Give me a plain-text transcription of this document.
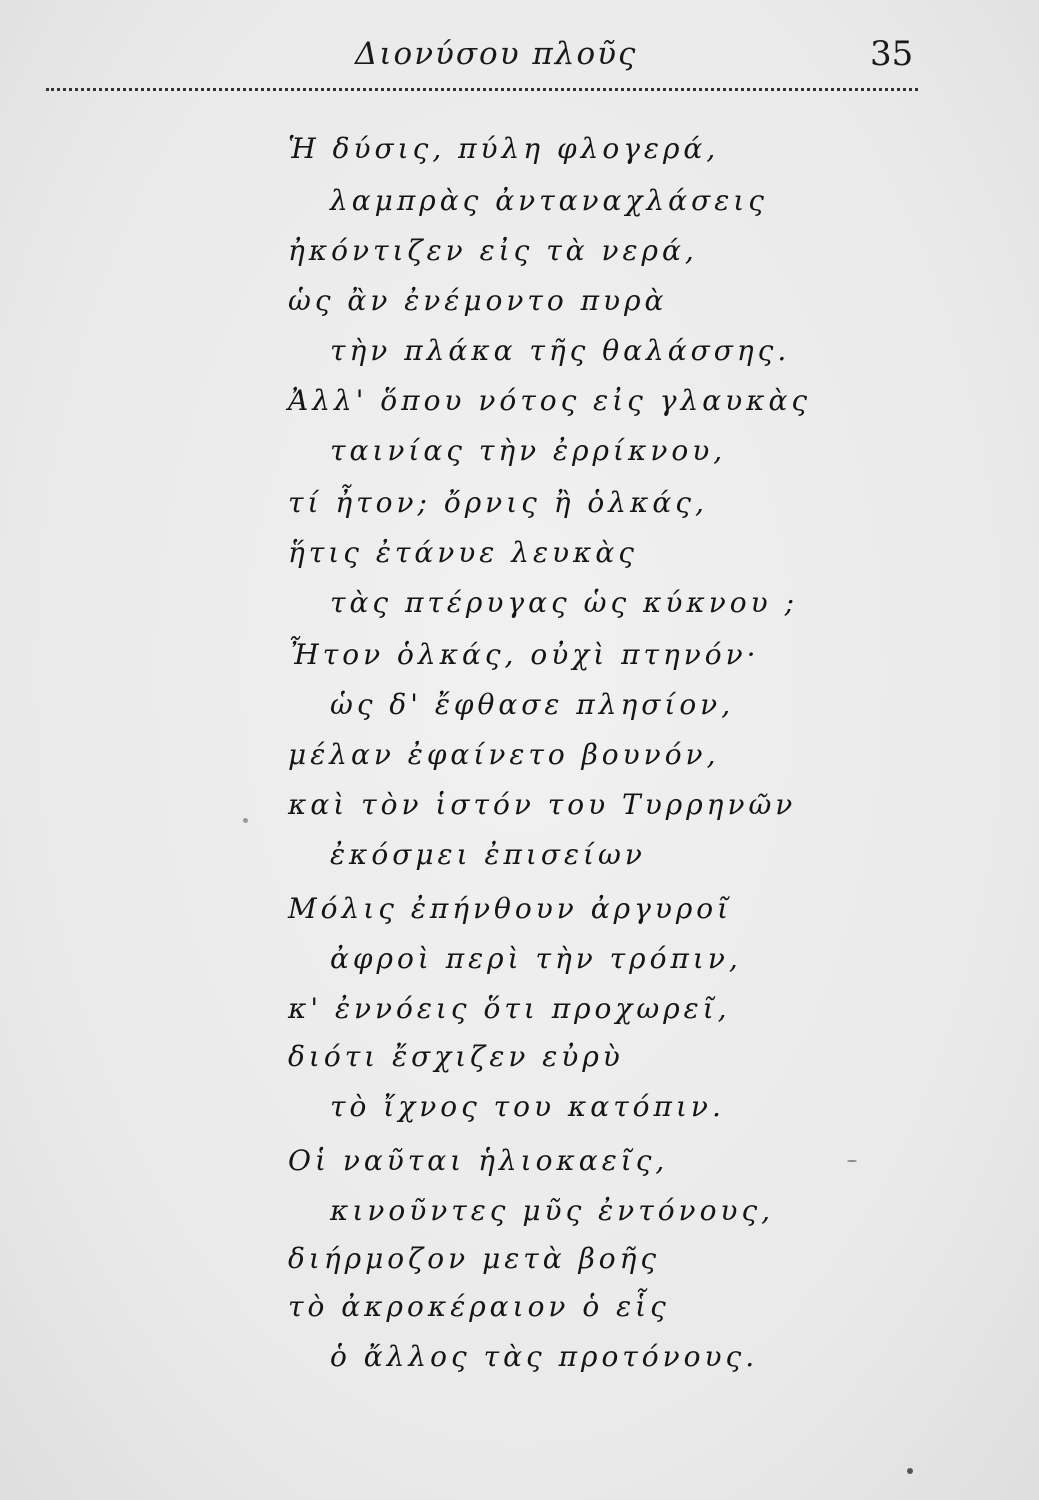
Διονύσου πλοῦς	35
Ἡ δύσις, πύλη φλογερά,
λαμπρὰς ἀνταναχλάσεις
ἠκόντιζεν εἰς τὰ νερά,
ὡς ἂν ἐνέμοντο πυρὰ
τὴν πλάκα τῆς θαλάσσης.
Ἀλλ' ὅπου νότος εἰς γλαυκὰς
ταινίας τὴν ἐρρίκνου,
τί ἦτον; ὄρνις ἢ ὁλκάς,
ἥτις ἐτάνυε λευκὰς
τὰς πτέρυγας ὡς κύκνου ;
Ἦτον ὁλκάς, οὐχὶ πτηνόν·
ὡς δ' ἔφθασε πλησίον,
μέλαν ἐφαίνετο βουνόν,
καὶ τὸν ἱστόν του Τυρρηνῶν
ἐκόσμει ἐπισείων
Μόλις ἐπήνθουν ἀργυροῖ
ἀφροὶ περὶ τὴν τρόπιν,
κ' ἐννόεις ὅτι προχωρεῖ,
διότι ἔσχιζεν εὐρὺ
τὸ ἴχνος του κατόπιν.
Οἱ ναῦται ἡλιοκαεῖς,
κινοῦντες μῦς ἐντόνους,
διήρμοζον μετὰ βοῆς
τὸ ἀκροκέραιον ὁ εἷς
ὁ ἄλλος τὰς προτόνους.
